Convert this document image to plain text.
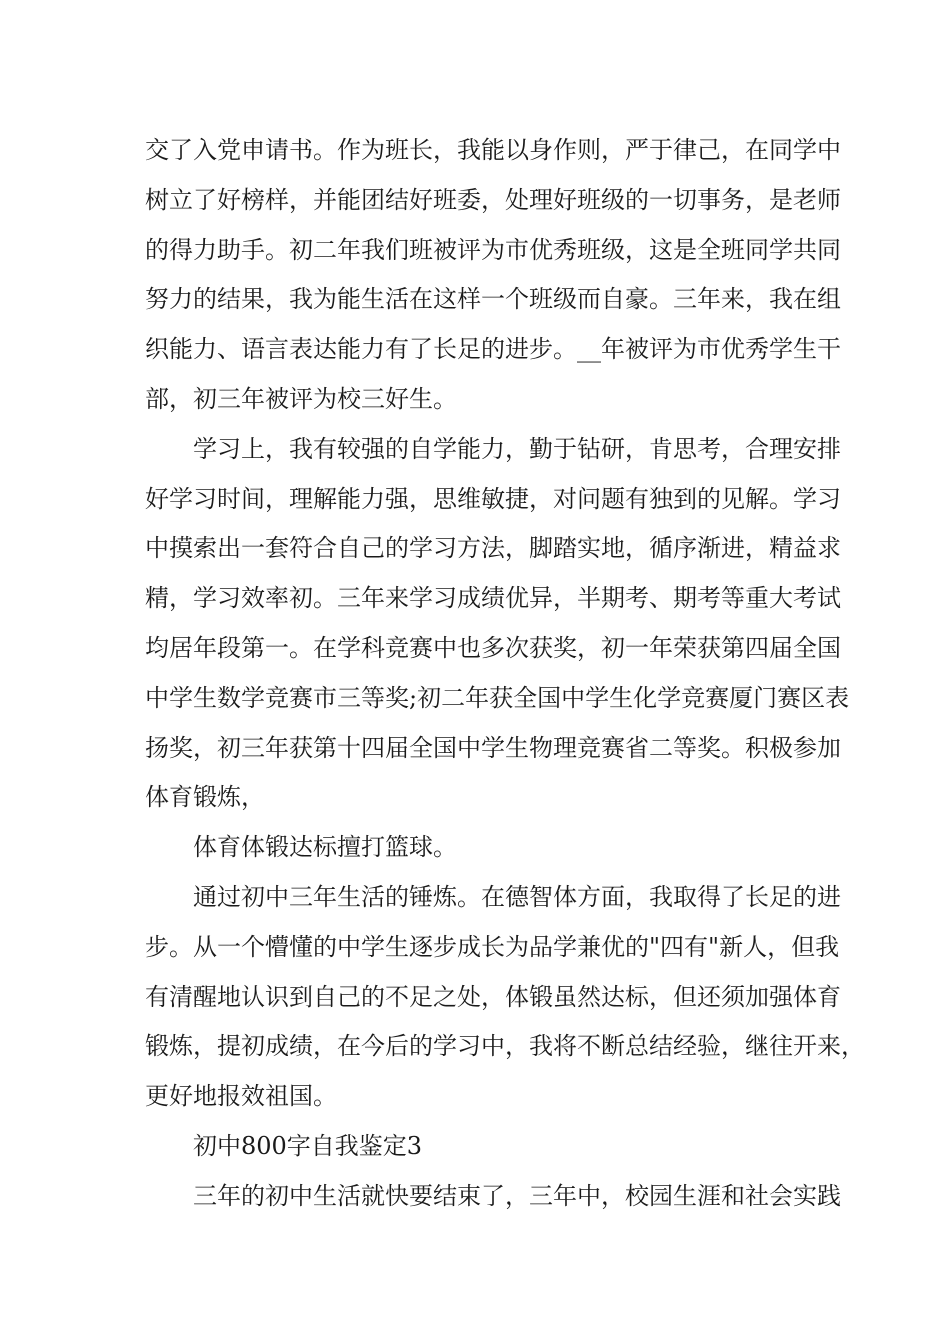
交了入党申请书。作为班长，我能以身作则，严于律己，在同学中
树立了好榜样，并能团结好班委，处理好班级的一切事务，是老师
的得力助手。初二年我们班被评为市优秀班级，这是全班同学共同
努力的结果，我为能生活在这样一个班级而自豪。三年来，我在组
织能力、语言表达能力有了长足的进步。__年被评为市优秀学生干
部，初三年被评为校三好生。
学习上，我有较强的自学能力，勤于钻研，肯思考，合理安排
好学习时间，理解能力强，思维敏捷，对问题有独到的见解。学习
中摸索出一套符合自己的学习方法，脚踏实地，循序渐进，精益求
精，学习效率初。三年来学习成绩优异，半期考、期考等重大考试
均居年段第一。在学科竞赛中也多次获奖，初一年荣获第四届全国
中学生数学竞赛市三等奖;初二年获全国中学生化学竞赛厦门赛区表
扬奖，初三年获第十四届全国中学生物理竞赛省二等奖。积极参加
体育锻炼，
体育体锻达标擅打篮球。
通过初中三年生活的锤炼。在德智体方面，我取得了长足的进
步。从一个懵懂的中学生逐步成长为品学兼优的"四有"新人，但我
有清醒地认识到自己的不足之处，体锻虽然达标，但还须加强体育
锻炼，提初成绩，在今后的学习中，我将不断总结经验，继往开来，
更好地报效祖国。
初中800字自我鉴定3
三年的初中生活就快要结束了，三年中，校园生涯和社会实践
